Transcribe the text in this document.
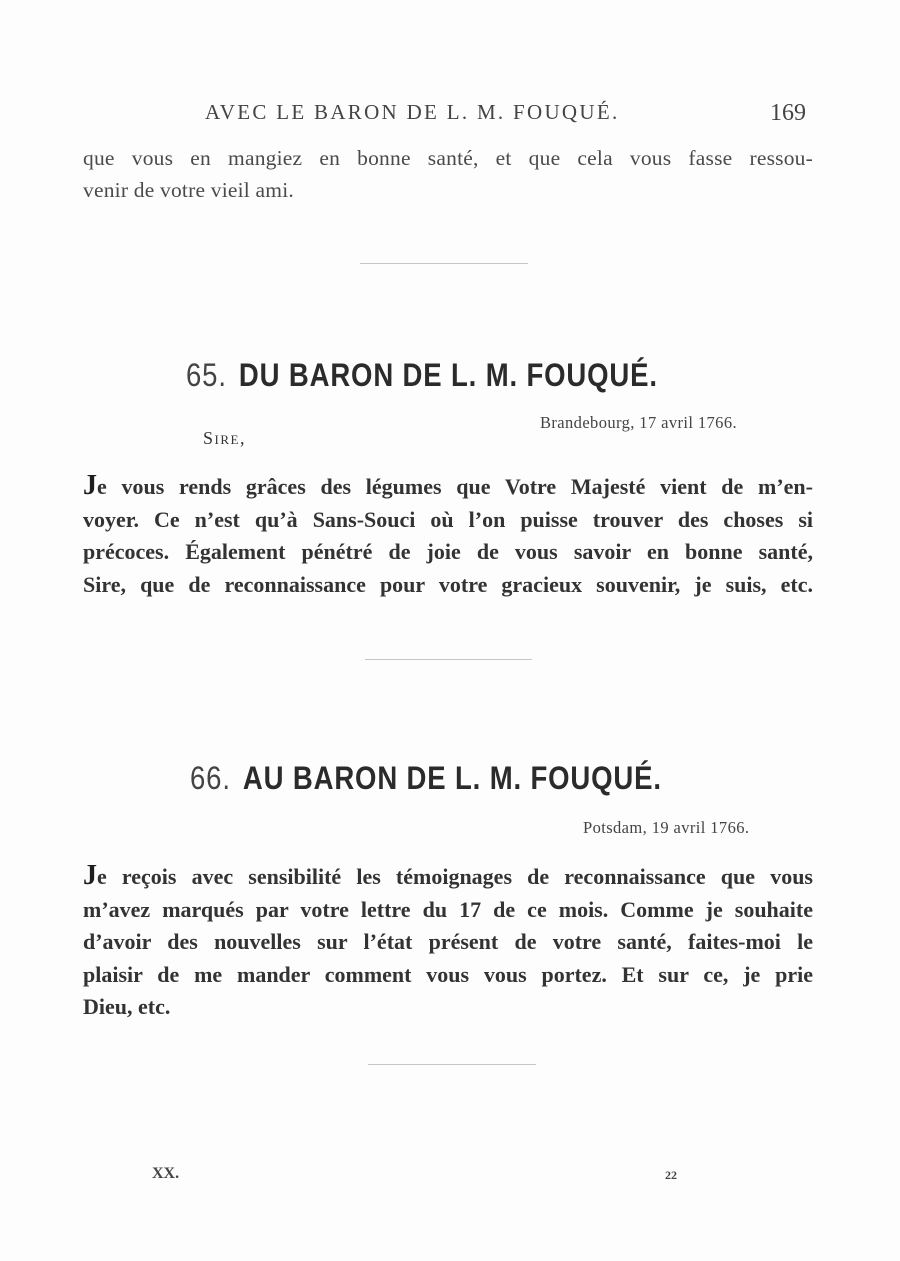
AVEC LE BARON DE L. M. FOUQUÉ.	169
que vous en mangiez en bonne santé, et que cela vous fasse ressou-
venir de votre vieil ami.
65. DU BARON DE L. M. FOUQUÉ.
Brandebourg, 17 avril 1766.
Sire,
Je vous rends grâces des légumes que Votre Majesté vient de m’en-
voyer. Ce n’est qu’à Sans-Souci où l’on puisse trouver des choses si
précoces. Également pénétré de joie de vous savoir en bonne santé,
Sire, que de reconnaissance pour votre gracieux souvenir, je suis, etc.
66. AU BARON DE L. M. FOUQUÉ.
Potsdam, 19 avril 1766.
Je reçois avec sensibilité les témoignages de reconnaissance que vous
m’avez marqués par votre lettre du 17 de ce mois. Comme je souhaite
d’avoir des nouvelles sur l’état présent de votre santé, faites-moi le
plaisir de me mander comment vous vous portez. Et sur ce, je prie
Dieu, etc.
XX.	22
